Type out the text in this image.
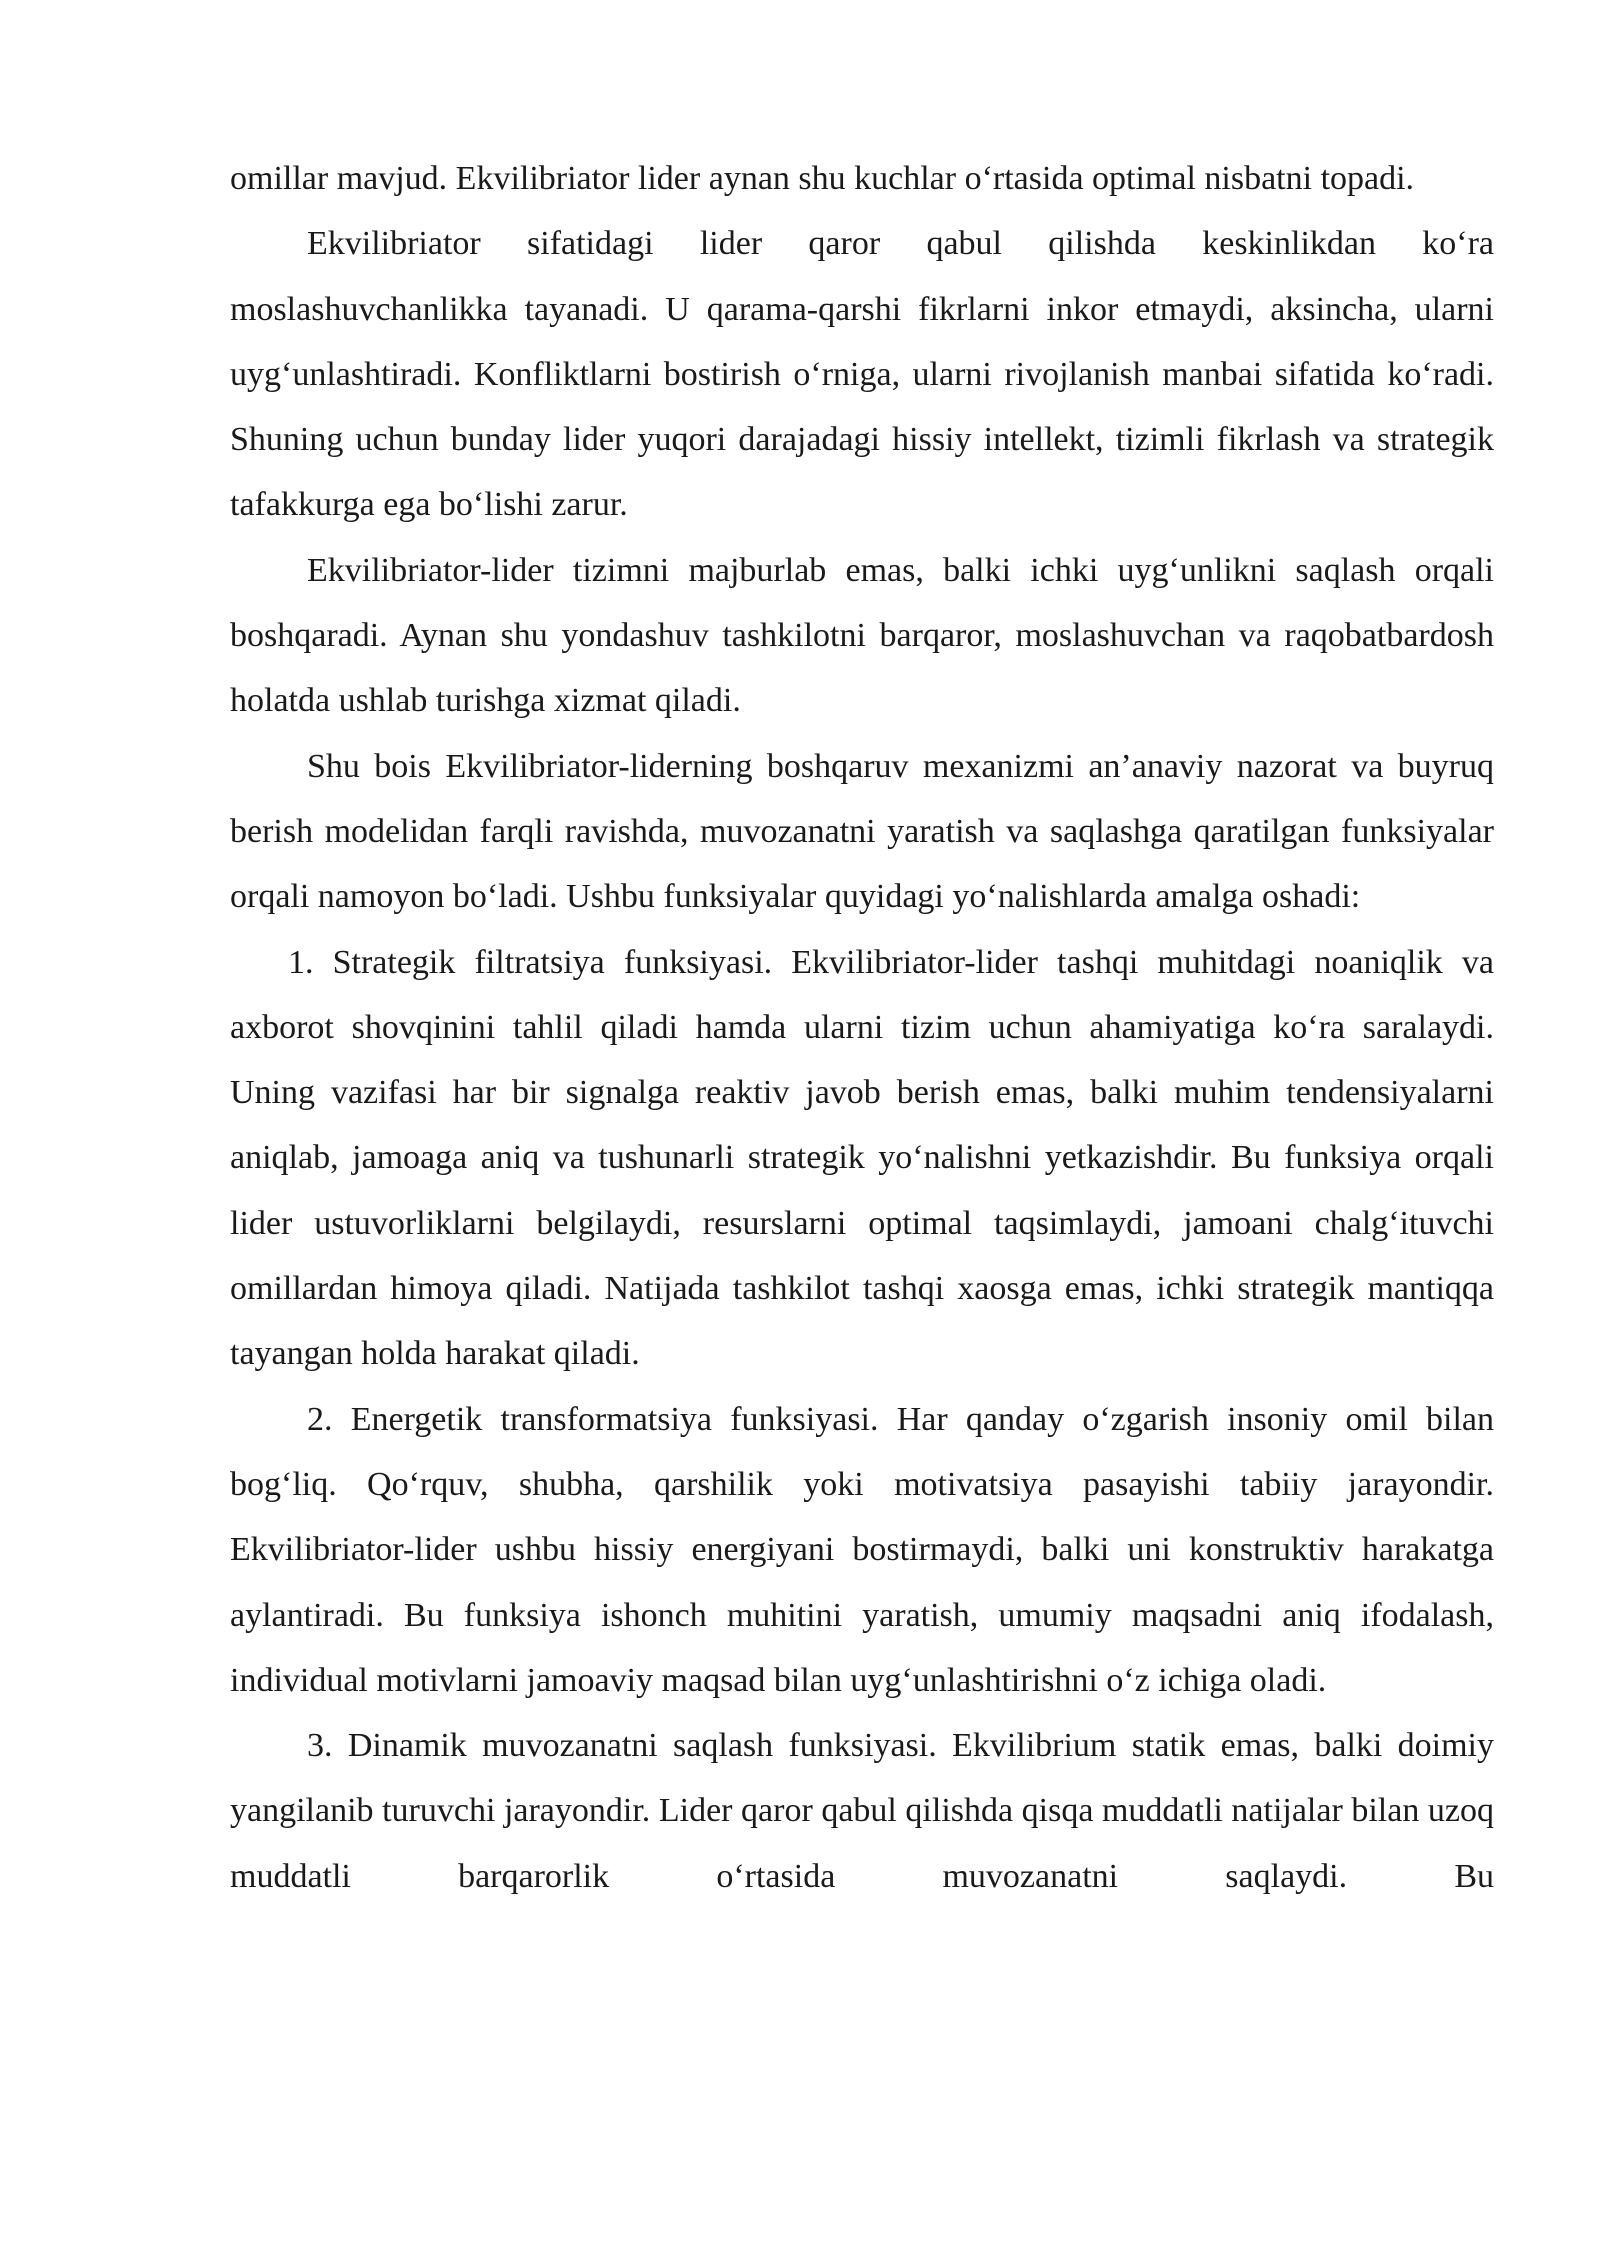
omillar mavjud. Ekvilibriator lider aynan shu kuchlar o‘rtasida optimal nisbatni topadi.

Ekvilibriator sifatidagi lider qaror qabul qilishda keskinlikdan ko‘ra moslashuvchanlikka tayanadi. U qarama-qarshi fikrlarni inkor etmaydi, aksincha, ularni uyg‘unlashtiradi. Konfliktlarni bostirish o‘rniga, ularni rivojlanish manbai sifatida ko‘radi. Shuning uchun bunday lider yuqori darajadagi hissiy intellekt, tizimli fikrlash va strategik tafakkurga ega bo‘lishi zarur.

Ekvilibriator-lider tizimni majburlab emas, balki ichki uyg‘unlikni saqlash orqali boshqaradi. Aynan shu yondashuv tashkilotni barqaror, moslashuvchan va raqobatbardosh holatda ushlab turishga xizmat qiladi.

Shu bois Ekvilibriator-liderning boshqaruv mexanizmi an’anaviy nazorat va buyruq berish modelidan farqli ravishda, muvozanatni yaratish va saqlashga qaratilgan funksiyalar orqali namoyon bo‘ladi. Ushbu funksiyalar quyidagi yo‘nalishlarda amalga oshadi:

1. Strategik filtratsiya funksiyasi. Ekvilibriator-lider tashqi muhitdagi noaniqlik va axborot shovqinini tahlil qiladi hamda ularni tizim uchun ahamiyatiga ko‘ra saralaydi. Uning vazifasi har bir signalga reaktiv javob berish emas, balki muhim tendensiyalarni aniqlab, jamoaga aniq va tushunarli strategik yo‘nalishni yetkazishdir. Bu funksiya orqali lider ustuvorliklarni belgilaydi, resurslarni optimal taqsimlaydi, jamoani chalg‘ituvchi omillardan himoya qiladi. Natijada tashkilot tashqi xaosga emas, ichki strategik mantiqqa tayangan holda harakat qiladi.

2. Energetik transformatsiya funksiyasi. Har qanday o‘zgarish insoniy omil bilan bog‘liq. Qo‘rquv, shubha, qarshilik yoki motivatsiya pasayishi tabiiy jarayondir. Ekvilibriator-lider ushbu hissiy energiyani bostirmaydi, balki uni konstruktiv harakatga aylantiradi. Bu funksiya ishonch muhitini yaratish, umumiy maqsadni aniq ifodalash, individual motivlarni jamoaviy maqsad bilan uyg‘unlashtirishni o‘z ichiga oladi.

3. Dinamik muvozanatni saqlash funksiyasi. Ekvilibrium statik emas, balki doimiy yangilanib turuvchi jarayondir. Lider qaror qabul qilishda qisqa muddatli natijalar bilan uzoq muddatli barqarorlik o‘rtasida muvozanatni saqlaydi. Bu
